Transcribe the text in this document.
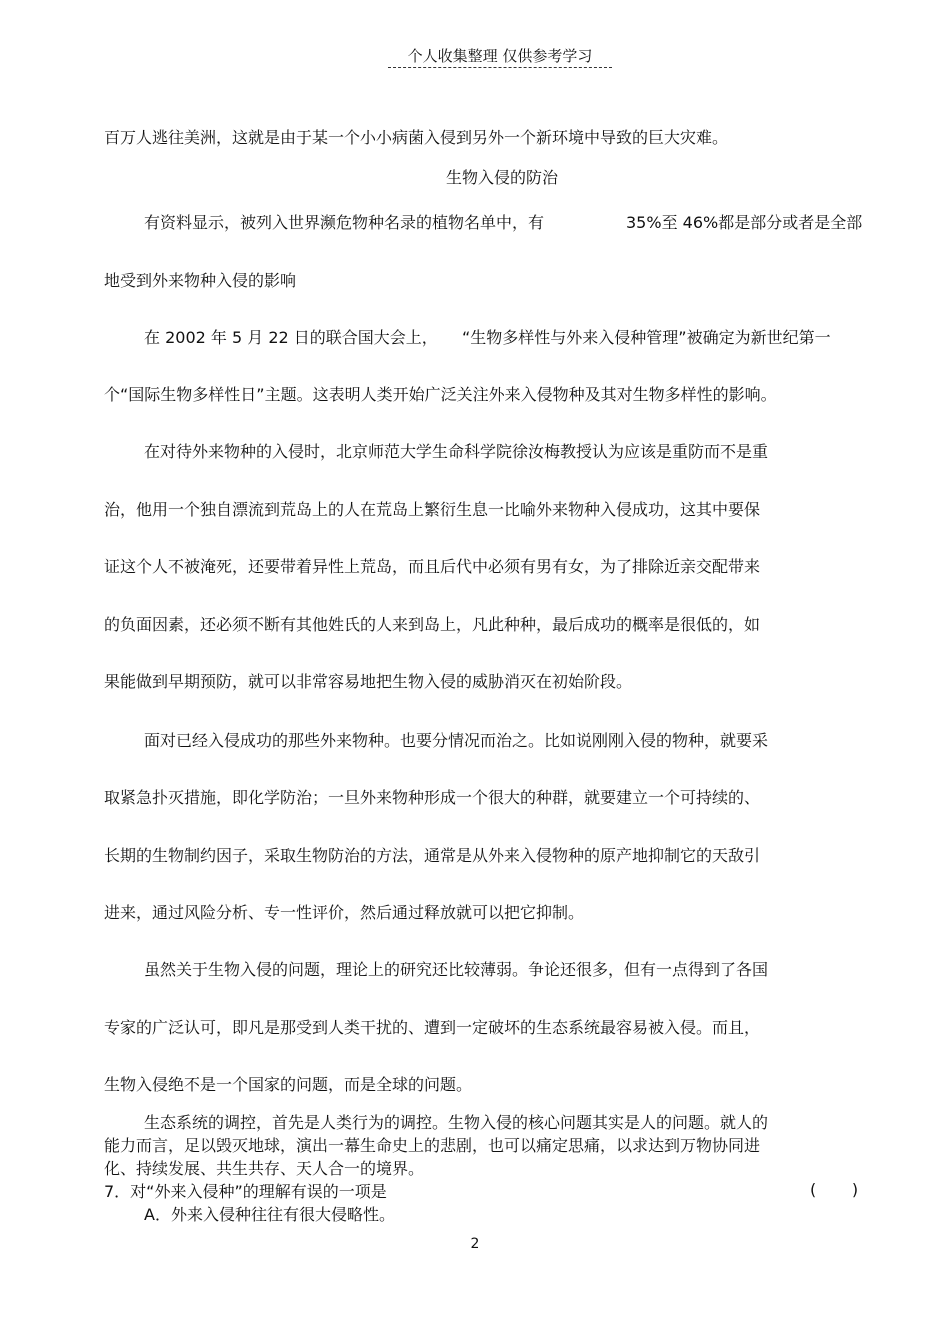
个人收集整理 仅供参考学习
百万人逃往美洲，这就是由于某一个小小病菌入侵到另外一个新环境中导致的巨大灾难。
生物入侵的防治
有资料显示，被列入世界濒危物种名录的植物名单中，有	35%至 46%都是部分或者是全部
地受到外来物种入侵的影响
在 2002 年 5 月 22 日的联合国大会上， “生物多样性与外来入侵种管理”被确定为新世纪第一
个“国际生物多样性日”主题。这表明人类开始广泛关注外来入侵物种及其对生物多样性的影响。
在对待外来物种的入侵时，北京师范大学生命科学院徐汝梅教授认为应该是重防而不是重
治，他用一个独自漂流到荒岛上的人在荒岛上繁衍生息一比喻外来物种入侵成功，这其中要保
证这个人不被淹死，还要带着异性上荒岛，而且后代中必须有男有女，为了排除近亲交配带来
的负面因素，还必须不断有其他姓氏的人来到岛上，凡此种种，最后成功的概率是很低的，如
果能做到早期预防，就可以非常容易地把生物入侵的威胁消灭在初始阶段。
面对已经入侵成功的那些外来物种。也要分情况而治之。比如说刚刚入侵的物种，就要采
取紧急扑灭措施，即化学防治；一旦外来物种形成一个很大的种群，就要建立一个可持续的、
长期的生物制约因子，采取生物防治的方法，通常是从外来入侵物种的原产地抑制它的天敌引
进来，通过风险分析、专一性评价，然后通过释放就可以把它抑制。
虽然关于生物入侵的问题，理论上的研究还比较薄弱。争论还很多，但有一点得到了各国
专家的广泛认可，即凡是那受到人类干扰的、遭到一定破坏的生态系统最容易被入侵。而且，
生物入侵绝不是一个国家的问题，而是全球的问题。
生态系统的调控，首先是人类行为的调控。生物入侵的核心问题其实是人的问题。就人的
能力而言，足以毁灭地球，演出一幕生命史上的悲剧，也可以痛定思痛，以求达到万物协同进
化、持续发展、共生共存、天人合一的境界。
7．对“外来入侵种”的理解有误的一项是	(       )
A．外来入侵种往往有很大侵略性。
2
